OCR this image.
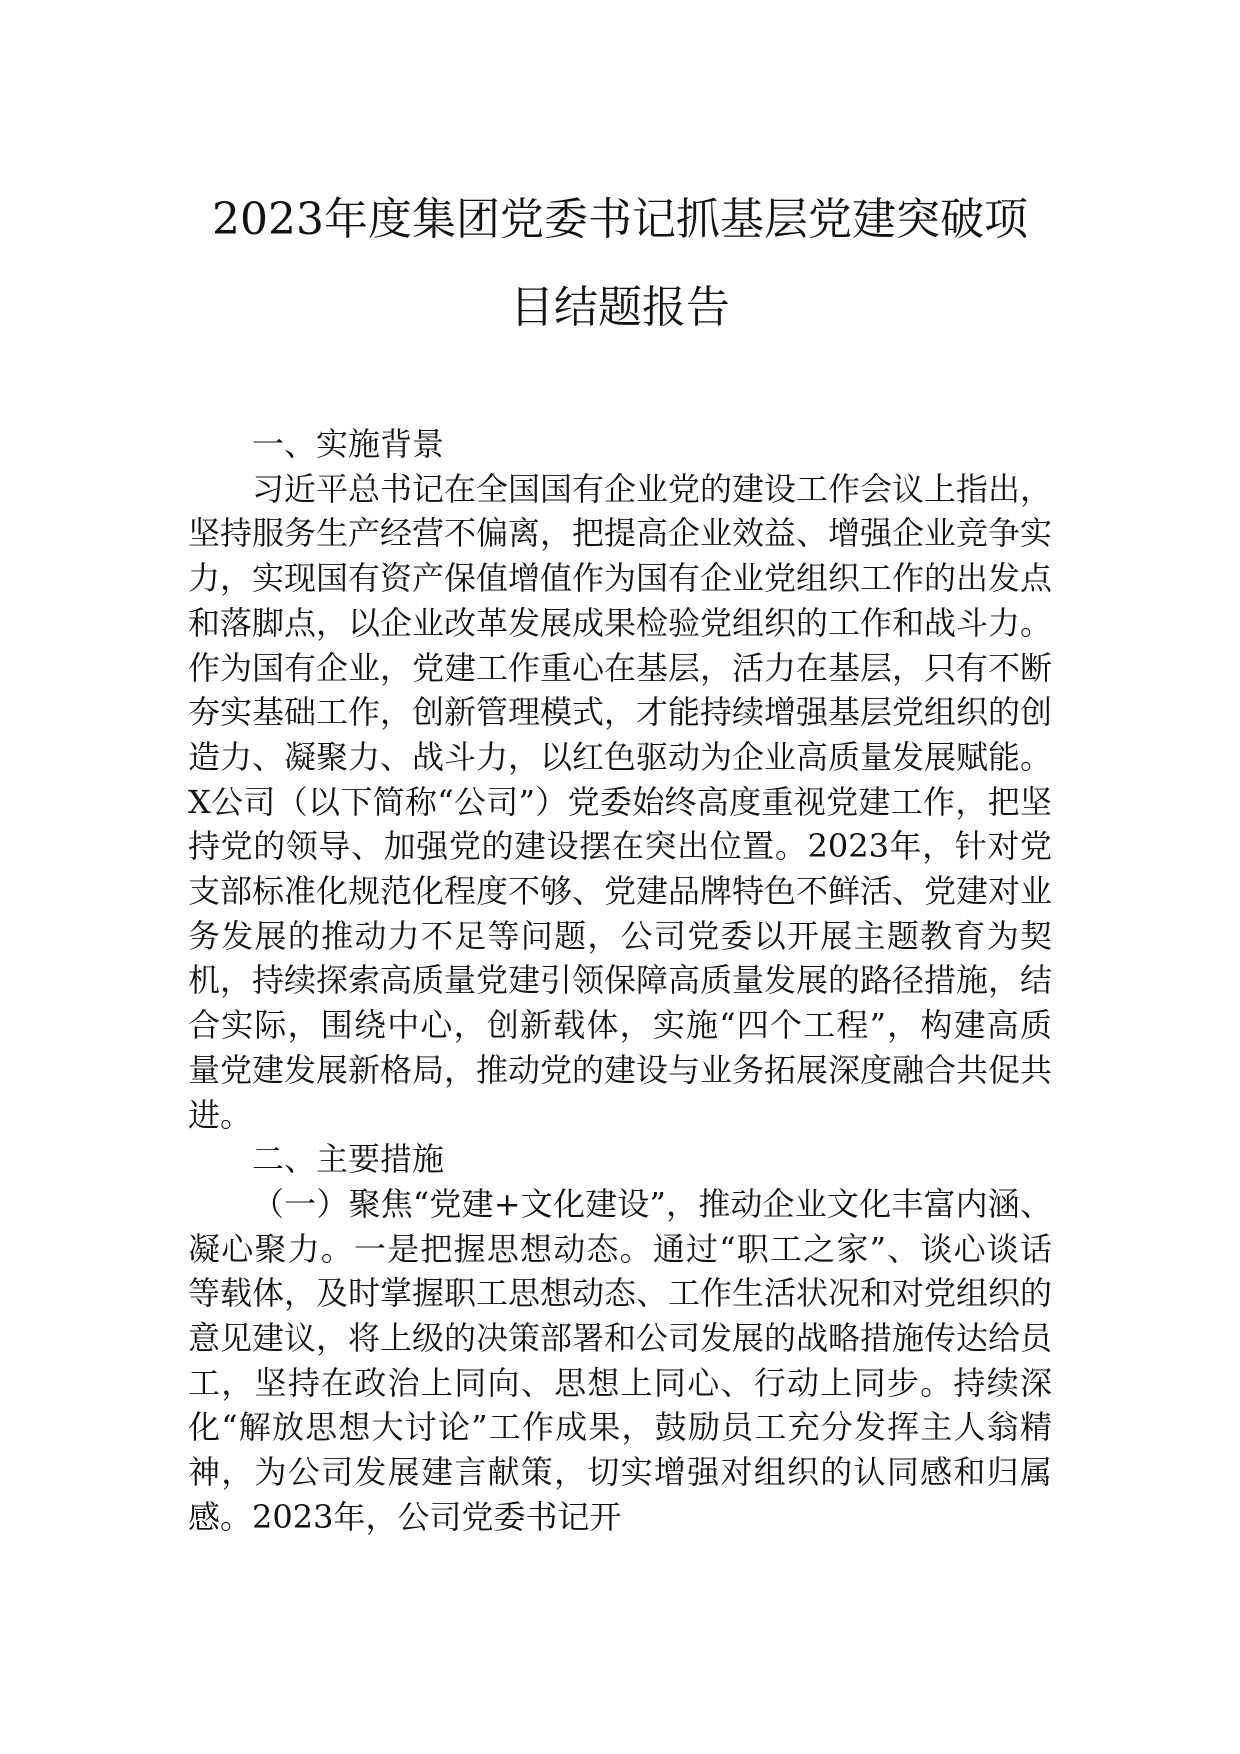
2023年度集团党委书记抓基层党建突破项
目结题报告

一、实施背景

习近平总书记在全国国有企业党的建设工作会议上指出，坚持服务生产经营不偏离，把提高企业效益、增强企业竞争实力，实现国有资产保值增值作为国有企业党组织工作的出发点和落脚点，以企业改革发展成果检验党组织的工作和战斗力。作为国有企业，党建工作重心在基层，活力在基层，只有不断夯实基础工作，创新管理模式，才能持续增强基层党组织的创造力、凝聚力、战斗力，以红色驱动为企业高质量发展赋能。X公司（以下简称“公司”）党委始终高度重视党建工作，把坚持党的领导、加强党的建设摆在突出位置。2023年，针对党支部标准化规范化程度不够、党建品牌特色不鲜活、党建对业务发展的推动力不足等问题，公司党委以开展主题教育为契机，持续探索高质量党建引领保障高质量发展的路径措施，结合实际，围绕中心，创新载体，实施“四个工程”，构建高质量党建发展新格局，推动党的建设与业务拓展深度融合共促共进。

二、主要措施

（一）聚焦“党建+文化建设”，推动企业文化丰富内涵、凝心聚力。一是把握思想动态。通过“职工之家”、谈心谈话等载体，及时掌握职工思想动态、工作生活状况和对党组织的意见建议，将上级的决策部署和公司发展的战略措施传达给员工，坚持在政治上同向、思想上同心、行动上同步。持续深化“解放思想大讨论”工作成果，鼓励员工充分发挥主人翁精神，为公司发展建言献策，切实增强对组织的认同感和归属感。2023年，公司党委书记开
